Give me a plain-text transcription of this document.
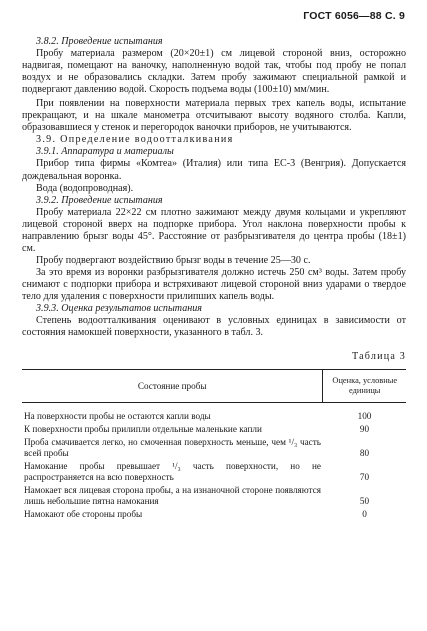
ГОСТ 6056—88 С. 9

3.8.2. Проведение испытания

Пробу материала размером (20×20±1) см лицевой стороной вниз, осторожно надвигая, помещают на ваночку, наполненную водой так, чтобы под пробу не попал воздух и не образовались складки. Затем пробу зажимают специальной рамкой и подвергают давлению водой. Скорость подъема воды (100±10) мм/мин.

При появлении на поверхности материала первых трех капель воды, испытание прекращают, и на шкале манометра отсчитывают высоту водяного столба. Капли, образовавшиеся у стенок и перегородок ваночки приборов, не учитываются.

3.9. Определение водоотталкивания

3.9.1. Аппаратура и материалы

Прибор типа фирмы «Комтеа» (Италия) или типа ЕС-3 (Венгрия). Допускается дождевальная воронка.

Вода (водопроводная).

3.9.2. Проведение испытания

Пробу материала 22×22 см плотно зажимают между двумя кольцами и укрепляют лицевой стороной вверх на подпорке прибора. Угол наклона поверхности пробы к направлению брызг воды 45°. Расстояние от разбрызгивателя до центра пробы (18±1) см.

Пробу подвергают воздействию брызг воды в течение 25—30 с.

За это время из воронки разбрызгивателя должно истечь 250 см³ воды. Затем пробу снимают с подпорки прибора и встряхивают лицевой стороной вниз ударами о твердое тело для удаления с поверхности прилипших капель воды.

3.9.3. Оценка результатов испытания

Степень водоотталкивания оценивают в условных единицах в зависимости от состояния намокшей поверхности, указанного в табл. 3.

Таблица 3

Состояние пробы	Оценка, условные единицы
На поверхности пробы не остаются капли воды	100
К поверхности пробы прилипли отдельные маленькие капли	90
Проба смачивается легко, но смоченная поверхность меньше, чем ¹/₃ часть всей пробы	80
Намокание пробы превышает ¹/₃ часть поверхности, но не распространяется на всю поверхность	70
Намокает вся лицевая сторона пробы, а на изнаночной стороне появляются лишь небольшие пятна намокания	50
Намокают обе стороны пробы	0
